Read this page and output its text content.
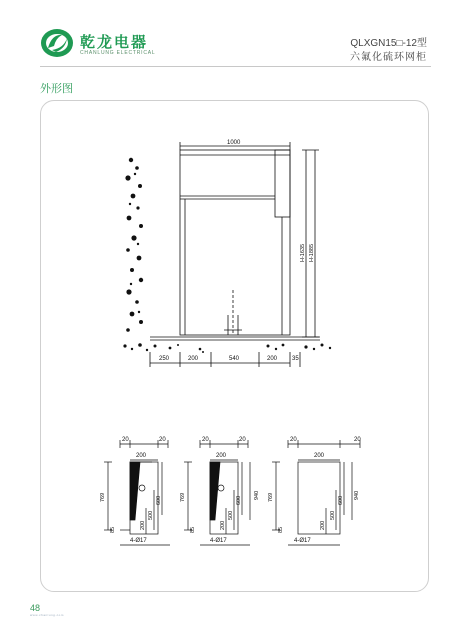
乾龙电器
CHANLUNG ELECTRICAL
QLXGN15□-12型
六氟化硫环网柜
外形图
1000
H-1635 H-1885
250	200	540	200 35
20	20
200
769	600
500
200
85
4-Ø17
20	20
200
769	600
500
200
940
85
4-Ø17
20	20
200
769	600
500
200
940
85
4-Ø17
48
www.chanlung.com
